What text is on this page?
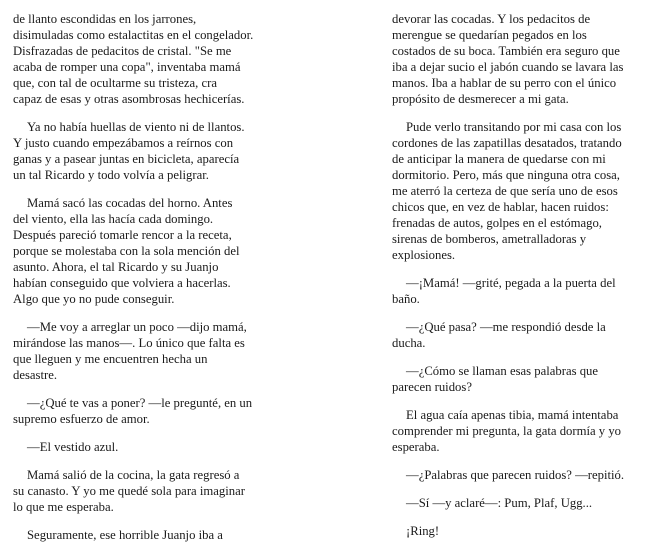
de llanto escondidas en los jarrones,
disimuladas como estalactitas en el congelador.
Disfrazadas de pedacitos de cristal. "Se me
acaba de romper una copa", inventaba mamá
que, con tal de ocultarme su tristeza, cra
capaz de esas y otras asombrosas hechicerías.

Ya no había huellas de viento ni de llantos.
Y justo cuando empezábamos a reírnos con
ganas y a pasear juntas en bicicleta, aparecía
un tal Ricardo y todo volvía a peligrar.

Mamá sacó las cocadas del horno. Antes
del viento, ella las hacía cada domingo.
Después pareció tomarle rencor a la receta,
porque se molestaba con la sola mención del
asunto. Ahora, el tal Ricardo y su Juanjo
habían conseguido que volviera a hacerlas.
Algo que yo no pude conseguir.

—Me voy a arreglar un poco —dijo mamá,
mirándose las manos—. Lo único que falta es
que lleguen y me encuentren hecha un
desastre.

—¿Qué te vas a poner? —le pregunté, en un
supremo esfuerzo de amor.

—El vestido azul.

Mamá salió de la cocina, la gata regresó a
su canasto. Y yo me quedé sola para imaginar
lo que me esperaba.

Seguramente, ese horrible Juanjo iba a

devorar las cocadas. Y los pedacitos de
merengue se quedarían pegados en los
costados de su boca. También era seguro que
iba a dejar sucio el jabón cuando se lavara las
manos. Iba a hablar de su perro con el único
propósito de desmerecer a mi gata.

Pude verlo transitando por mi casa con los
cordones de las zapatillas desatados, tratando
de anticipar la manera de quedarse con mi
dormitorio. Pero, más que ninguna otra cosa,
me aterró la certeza de que sería uno de esos
chicos que, en vez de hablar, hacen ruidos:
frenadas de autos, golpes en el estómago,
sirenas de bomberos, ametralladoras y
explosiones.

—¡Mamá! —grité, pegada a la puerta del
baño.

—¿Qué pasa? —me respondió desde la
ducha.

—¿Cómo se llaman esas palabras que
parecen ruidos?

El agua caía apenas tibia, mamá intentaba
comprender mi pregunta, la gata dormía y yo
esperaba.

—¿Palabras que parecen ruidos? —repitió.

—Sí —y aclaré—: Pum, Plaf, Ugg...

¡Ring!
